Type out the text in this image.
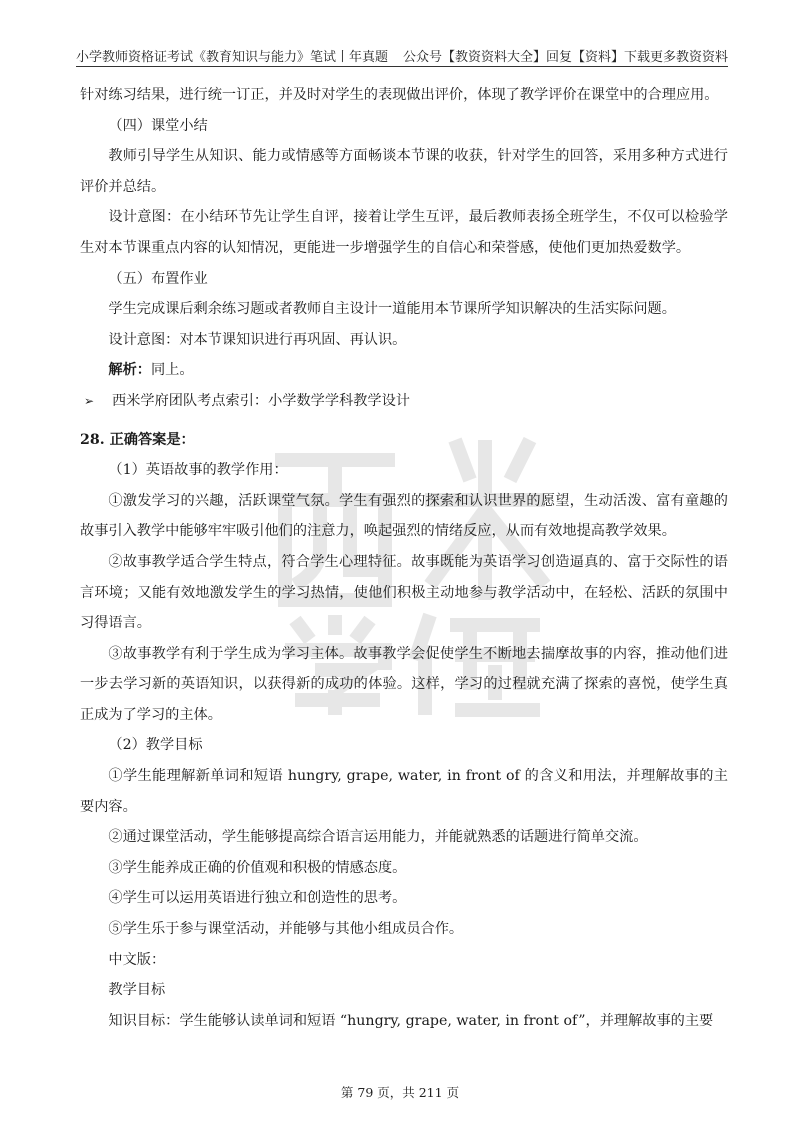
小学教师资格证考试《教育知识与能力》笔试丨年真题 公众号【教资资料大全】回复【资料】下载更多教资资料

针对练习结果，进行统一订正，并及时对学生的表现做出评价，体现了教学评价在课堂中的合理应用。

（四）课堂小结

教师引导学生从知识、能力或情感等方面畅谈本节课的收获，针对学生的回答，采用多种方式进行评价并总结。

设计意图：在小结环节先让学生自评，接着让学生互评，最后教师表扬全班学生，不仅可以检验学生对本节课重点内容的认知情况，更能进一步增强学生的自信心和荣誉感，使他们更加热爱数学。

（五）布置作业

学生完成课后剩余练习题或者教师自主设计一道能用本节课所学知识解决的生活实际问题。

设计意图：对本节课知识进行再巩固、再认识。

解析：同上。

➢ 西米学府团队考点索引：小学数学学科教学设计

28. 正确答案是：

（1）英语故事的教学作用：

①激发学习的兴趣，活跃课堂气氛。学生有强烈的探索和认识世界的愿望，生动活泼、富有童趣的故事引入教学中能够牢牢吸引他们的注意力，唤起强烈的情绪反应，从而有效地提高教学效果。

②故事教学适合学生特点，符合学生心理特征。故事既能为英语学习创造逼真的、富于交际性的语言环境；又能有效地激发学生的学习热情，使他们积极主动地参与教学活动中，在轻松、活跃的氛围中习得语言。

③故事教学有利于学生成为学习主体。故事教学会促使学生不断地去揣摩故事的内容，推动他们进一步去学习新的英语知识，以获得新的成功的体验。这样，学习的过程就充满了探索的喜悦，使学生真正成为了学习的主体。

（2）教学目标

①学生能理解新单词和短语 hungry, grape, water, in front of 的含义和用法，并理解故事的主要内容。

②通过课堂活动，学生能够提高综合语言运用能力，并能就熟悉的话题进行简单交流。

③学生能养成正确的价值观和积极的情感态度。

④学生可以运用英语进行独立和创造性的思考。

⑤学生乐于参与课堂活动，并能够与其他小组成员合作。

中文版：

教学目标

知识目标：学生能够认读单词和短语 “hungry, grape, water, in front of”，并理解故事的主要

第 79 页，共 211 页
